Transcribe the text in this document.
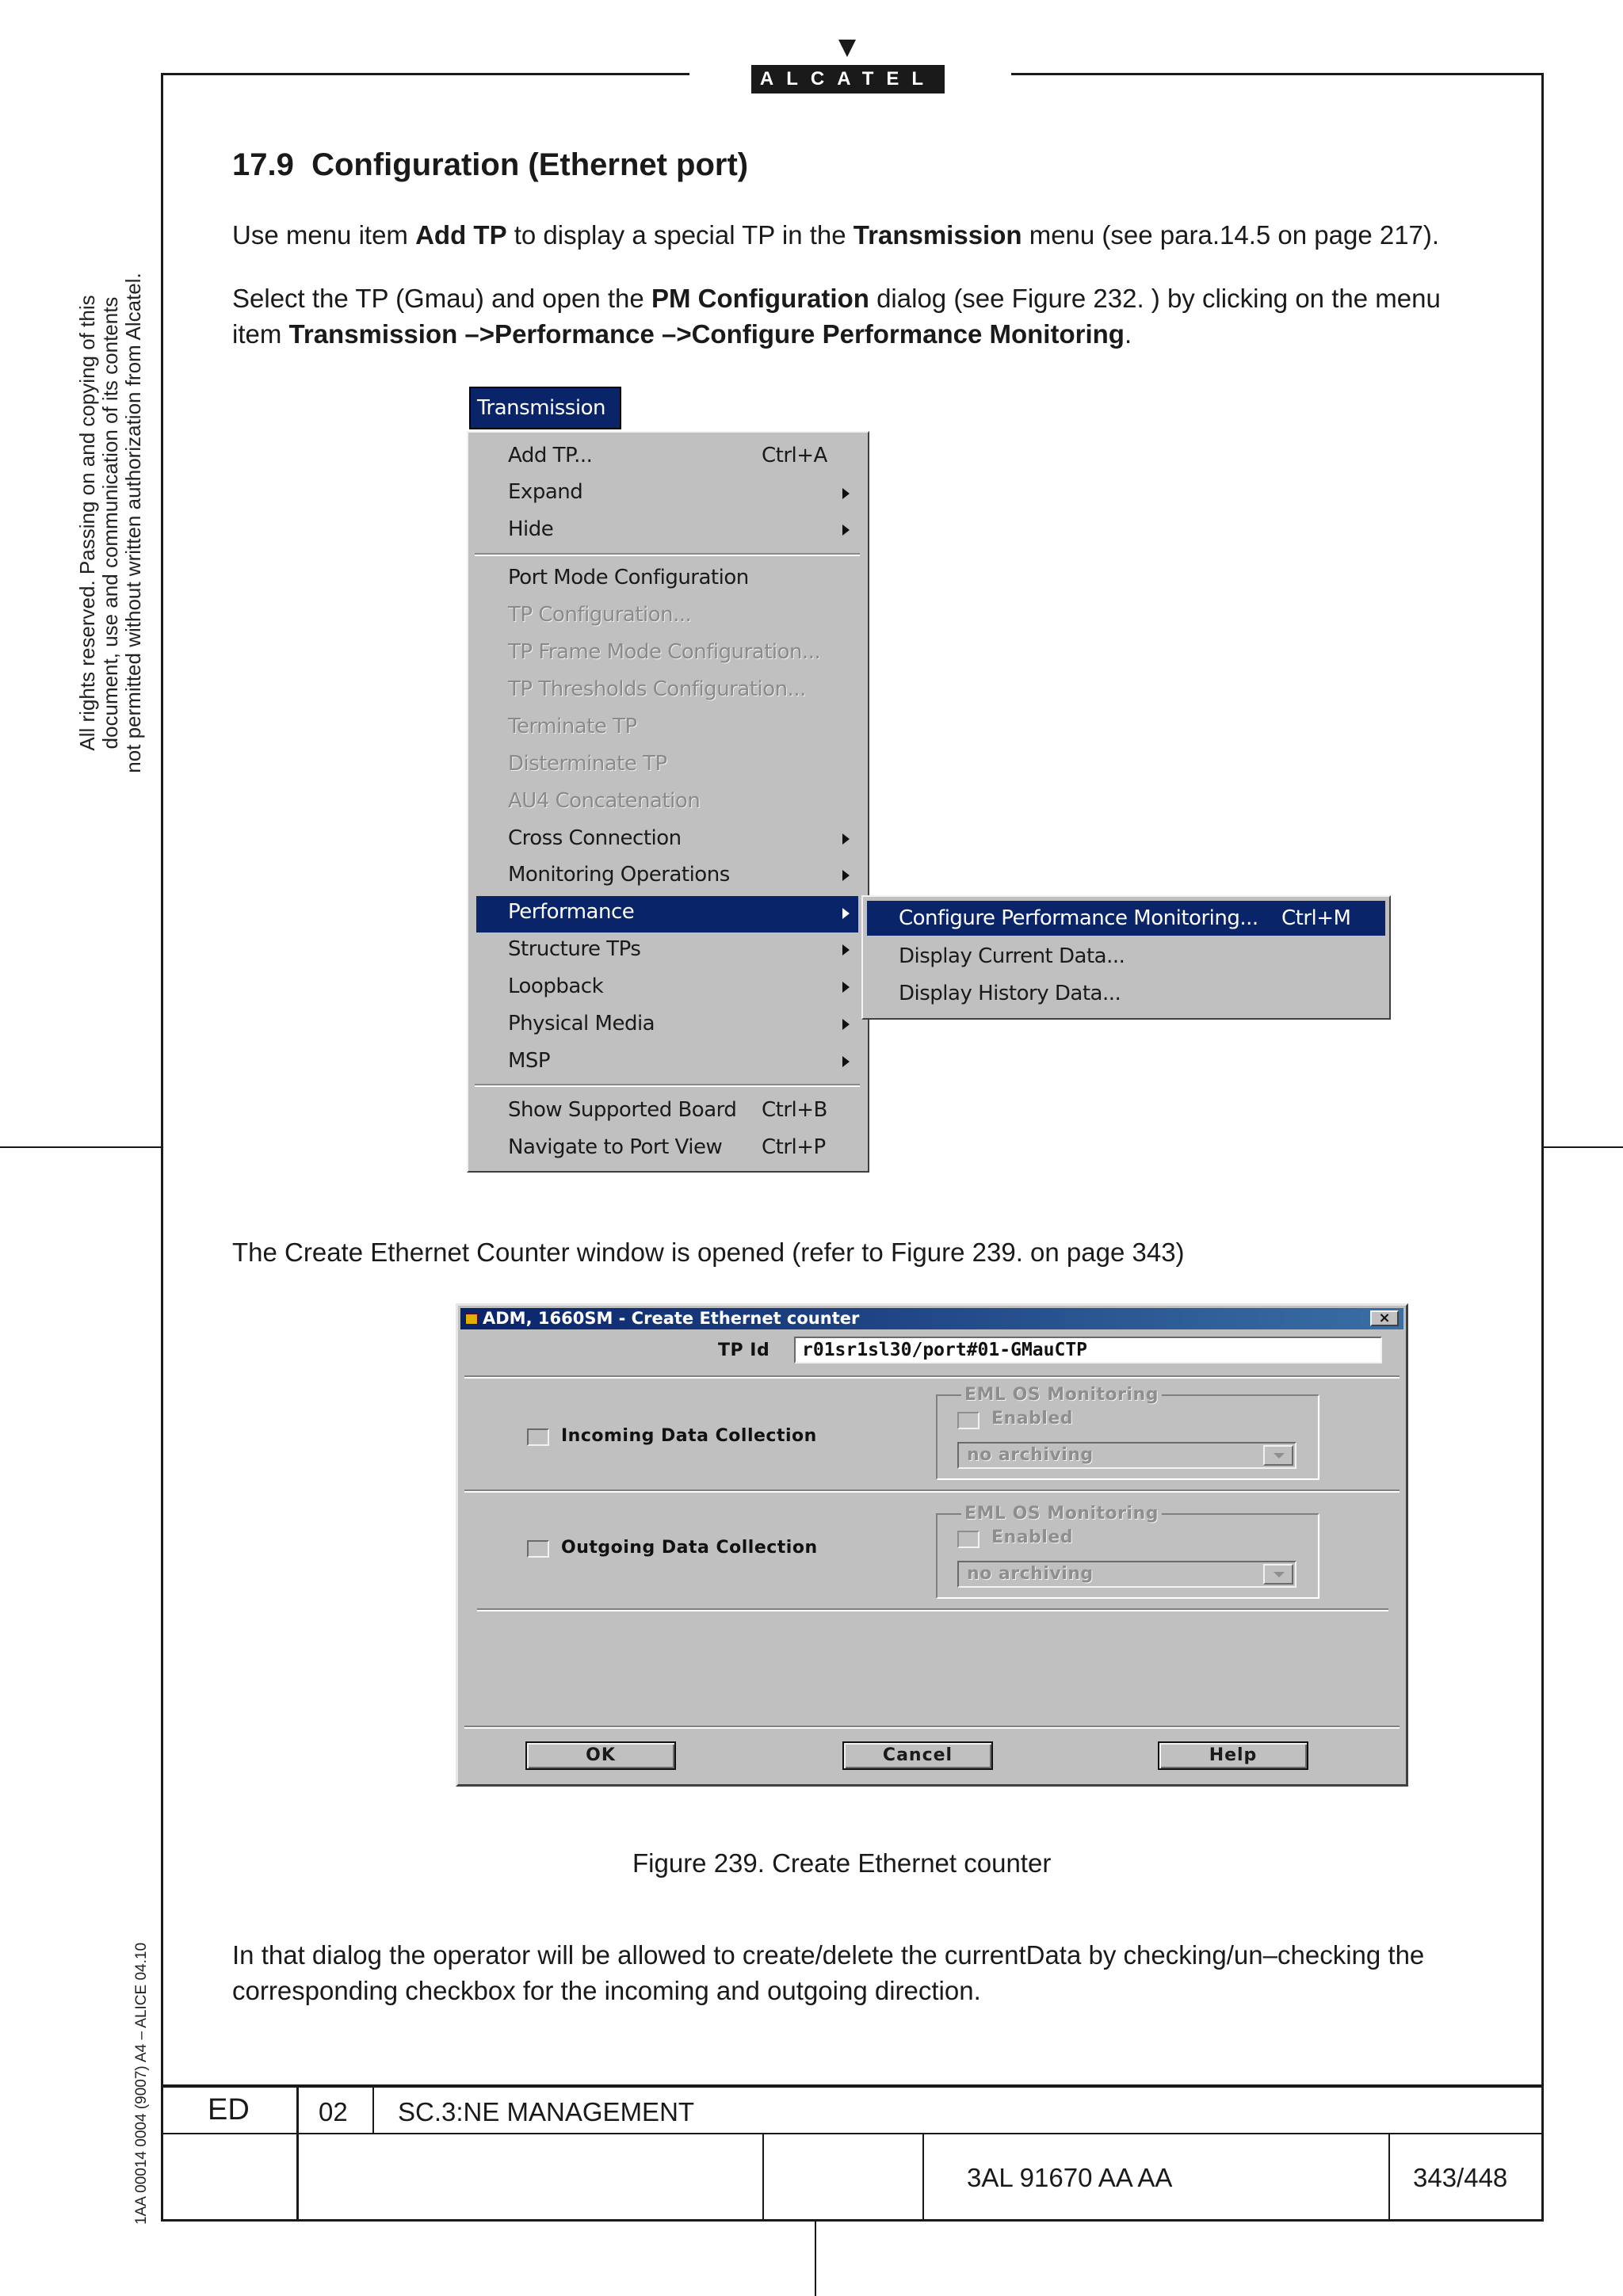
ALCATEL
All rights reserved. Passing on and copying of this document, use and communication of its contents not permitted without written authorization from Alcatel.
1AA 00014 0004 (9007) A4 – ALICE 04.10
17.9 Configuration (Ethernet port)
Use menu item Add TP to display a special TP in the Transmission menu (see para.14.5 on page 217).
Select the TP (Gmau) and open the PM Configuration dialog (see Figure 232. ) by clicking on the menu
item Transmission –>Performance –>Configure Performance Monitoring.
Transmission
Add TP...	Ctrl+A
Expand
Hide
Port Mode Configuration
TP Configuration...
TP Frame Mode Configuration...
TP Thresholds Configuration...
Terminate TP
Disterminate TP
AU4 Concatenation
Cross Connection
Monitoring Operations
Performance
Structure TPs
Loopback
Physical Media
MSP
Show Supported Board Ctrl+B
Navigate to Port View Ctrl+P
Configure Performance Monitoring... Ctrl+M
Display Current Data...
Display History Data...
The Create Ethernet Counter window is opened (refer to Figure 239. on page 343)
ADM, 1660SM - Create Ethernet counter	×
TP Id	r01sr1sl30/port#01-GMauCTP
Incoming Data Collection
EML OS Monitoring
Enabled
no archiving
Outgoing Data Collection
EML OS Monitoring
Enabled
no archiving
OK	Cancel	Help
Figure 239. Create Ethernet counter
In that dialog the operator will be allowed to create/delete the currentData by checking/un–checking the
corresponding checkbox for the incoming and outgoing direction.
ED	02 SC.3:NE MANAGEMENT
3AL 91670 AA AA	343/448
